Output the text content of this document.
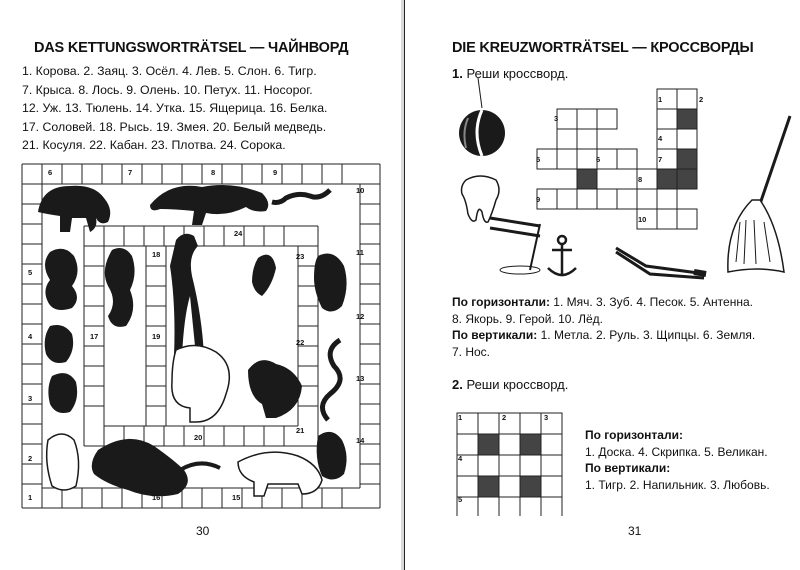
DAS KETTUNGSWORTRÄTSEL — ЧАЙНВОРД
1. Корова. 2. Заяц. 3. Осёл. 4. Лев. 5. Слон. 6. Тигр.
7. Крыса. 8. Лось. 9. Олень. 10. Петух. 11. Носорог.
12. Уж. 13. Тюлень. 14. Утка. 15. Ящерица. 16. Белка.
17. Соловей. 18. Рысь. 19. Змея. 20. Белый медведь.
21. Косуля. 22. Кабан. 23. Плотва. 24. Сорока.
1
2
3
4
5
6	7	8	9
10
11
12
13
14
15
16
17
18
19
20
21
22
23
24
30
DIE KREUZWORTRÄTSEL — КРОССВОРДЫ
1. Реши кроссворд.
1	2
3
4
5	6	7
8
9
10
По горизонтали: 1. Мяч. 3. Зуб. 4. Песок. 5. Антенна.
8. Якорь. 9. Герой. 10. Лёд.
По вертикали: 1. Метла. 2. Руль. 3. Щипцы. 6. Земля.
7. Нос.
2. Реши кроссворд.
1	2	3
4
5
По горизонтали:
1. Доска. 4. Скрипка. 5. Великан.
По вертикали:
1. Тигр. 2. Напильник. 3. Любовь.
31
